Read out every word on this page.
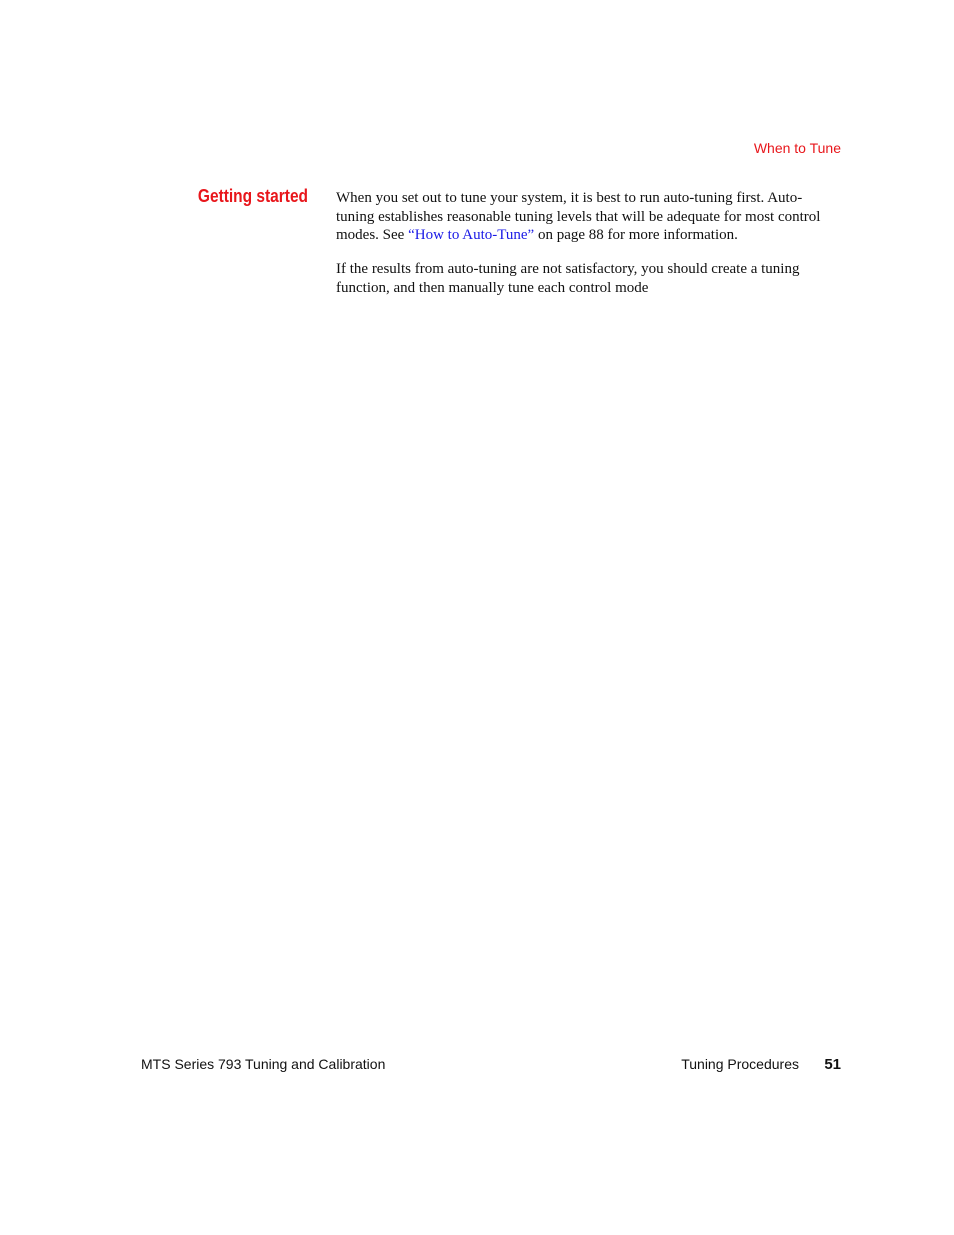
When to Tune
Getting started When you set out to tune your system, it is best to run auto-tuning first. Auto-
tuning establishes reasonable tuning levels that will be adequate for most control
modes. See “How to Auto-Tune” on page 88 for more information.

If the results from auto-tuning are not satisfactory, you should create a tuning
function, and then manually tune each control mode

MTS Series 793 Tuning and Calibration	Tuning Procedures 51
